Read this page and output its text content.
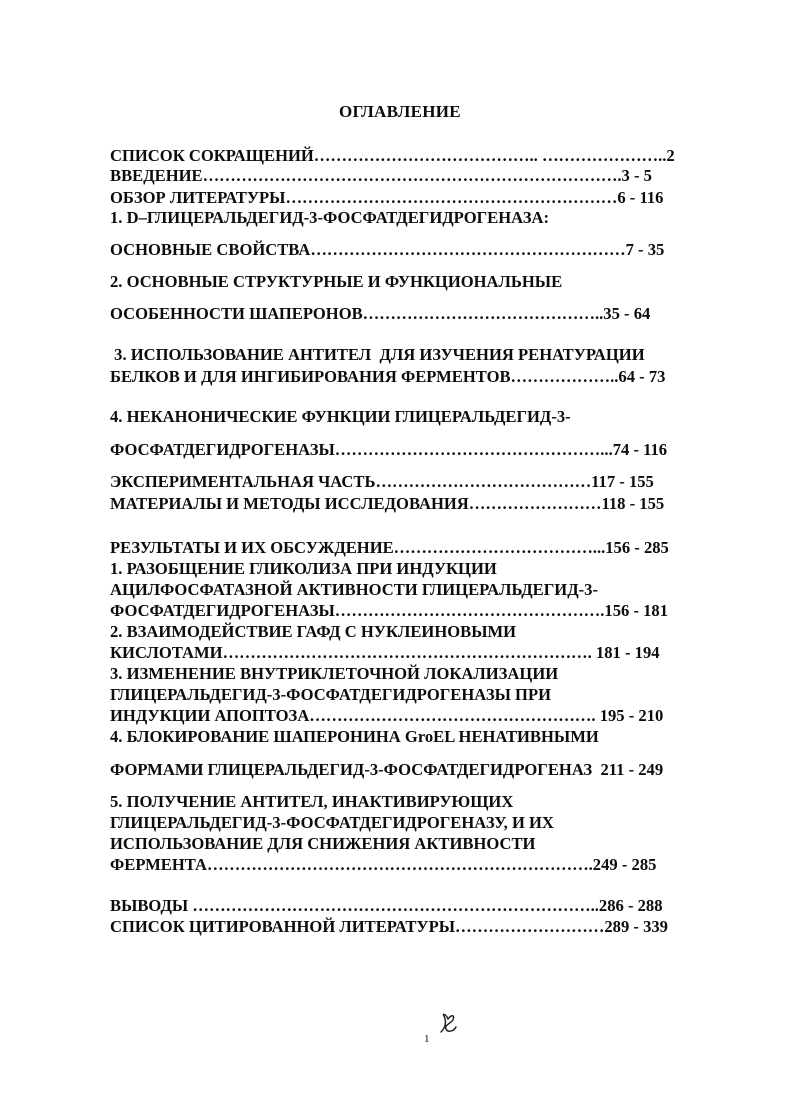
ОГЛАВЛЕНИЕ
СПИСОК СОКРАЩЕНИЙ………………………………….. …………………..2
ВВЕДЕНИЕ………………………………………………………………….3 - 5
ОБЗОР ЛИТЕРАТУРЫ……………………………………………………6 - 116
1. D–ГЛИЦЕРАЛЬДЕГИД-3-ФОСФАТДЕГИДРОГЕНАЗА:
ОСНОВНЫЕ СВОЙСТВА…………………………………………………7 - 35
2. ОСНОВНЫЕ СТРУКТУРНЫЕ И ФУНКЦИОНАЛЬНЫЕ
ОСОБЕННОСТИ ШАПЕРОНОВ……………………………………..35 - 64
3. ИСПОЛЬЗОВАНИЕ АНТИТЕЛ  ДЛЯ ИЗУЧЕНИЯ РЕНАТУРАЦИИ
БЕЛКОВ И ДЛЯ ИНГИБИРОВАНИЯ ФЕРМЕНТОВ………………..64 - 73
4. НЕКАНОНИЧЕСКИЕ ФУНКЦИИ ГЛИЦЕРАЛЬДЕГИД-3-
ФОСФАТДЕГИДРОГЕНАЗЫ…………………………………………...74 - 116
ЭКСПЕРИМЕНТАЛЬНАЯ ЧАСТЬ…………………………………117 - 155
МАТЕРИАЛЫ И МЕТОДЫ ИССЛЕДОВАНИЯ……………………118 - 155
РЕЗУЛЬТАТЫ И ИХ ОБСУЖДЕНИЕ………………………………...156 - 285
1. РАЗОБЩЕНИЕ ГЛИКОЛИЗА ПРИ ИНДУКЦИИ
АЦИЛФОСФАТАЗНОЙ АКТИВНОСТИ ГЛИЦЕРАЛЬДЕГИД-3-
ФОСФАТДЕГИДРОГЕНАЗЫ………………………………………….156 - 181
2. ВЗАИМОДЕЙСТВИЕ ГАФД С НУКЛЕИНОВЫМИ
КИСЛОТАМИ…………………………………………………………. 181 - 194
3. ИЗМЕНЕНИЕ ВНУТРИКЛЕТОЧНОЙ ЛОКАЛИЗАЦИИ
ГЛИЦЕРАЛЬДЕГИД-3-ФОСФАТДЕГИДРОГЕНАЗЫ ПРИ
ИНДУКЦИИ АПОПТОЗА……………………………………………. 195 - 210
4. БЛОКИРОВАНИЕ ШАПЕРОНИНА GroEL НЕНАТИВНЫМИ
ФОРМАМИ ГЛИЦЕРАЛЬДЕГИД-3-ФОСФАТДЕГИДРОГЕНАЗ  211 - 249
5. ПОЛУЧЕНИЕ АНТИТЕЛ, ИНАКТИВИРУЮЩИХ
ГЛИЦЕРАЛЬДЕГИД-3-ФОСФАТДЕГИДРОГЕНАЗУ, И ИХ
ИСПОЛЬЗОВАНИЕ ДЛЯ СНИЖЕНИЯ АКТИВНОСТИ
ФЕРМЕНТА…………………………………………………………….249 - 285
ВЫВОДЫ ………………………………………………………………..286 - 288
СПИСОК ЦИТИРОВАННОЙ ЛИТЕРАТУРЫ………………………289 - 339
1
